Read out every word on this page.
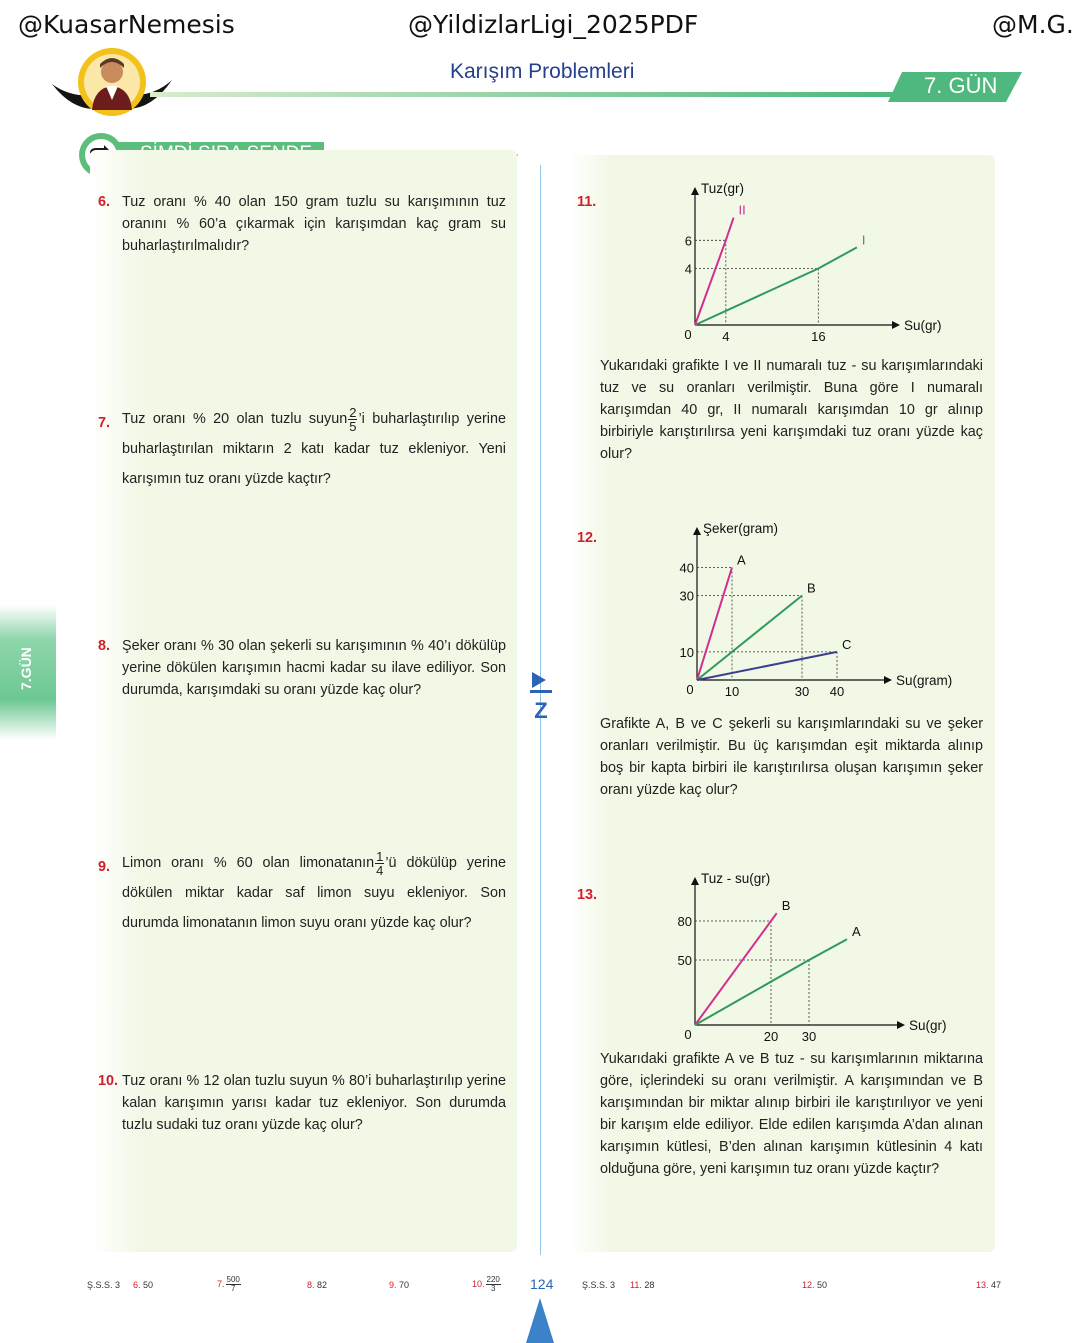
@KuasarNemesis	@YildizlarLigi_2025PDF	@M.G.
Karışım Problemleri
7. GÜN
7.GÜN
Z
6. Tuz oranı % 40 olan 150 gram tuzlu su karışımının tuz oranını % 60’a çıkarmak için karışımdan kaç gram su buharlaştırılmalıdır?
7. Tuz oranı % 20 olan tuzlu suyun $\frac{2}{5}$ ’i buharlaştırılıp yerine buharlaştırılan miktarın 2 katı kadar tuz ekleniyor. Yeni karışımın tuz oranı yüzde kaçtır?
8. Şeker oranı % 30 olan şekerli su karışımının % 40’ı dökülüp yerine dökülen karışımın hacmi kadar su ilave ediliyor. Son durumda, karışımdaki su oranı yüzde kaç olur?
9. Limon oranı % 60 olan limonatanın $\frac{1}{4}$ ’ü dökülüp yerine dökülen miktar kadar saf limon suyu ekleniyor. Son durumda limonatanın limon suyu oranı yüzde kaç olur?
10. Tuz oranı % 12 olan tuzlu suyun % 80’i buharlaştırılıp yerine kalan karışımın yarısı kadar tuz ekleniyor. Son durumda tuzlu sudaki tuz oranı yüzde kaç olur?
11.
I
II
4	16
4
6
0
Su(gr)
Tuz(gr)
Yukarıdaki grafikte I ve II numaralı tuz - su karışımlarındaki tuz ve su oranları verilmiştir. Buna göre I numaralı karışımdan 40 gr, II numaralı karışımdan 10 gr alınıp birbiriyle karıştırılırsa yeni karışımdaki tuz oranı yüzde kaç olur?
12.
A
B
C
10	30 40
10
30
40
0
Su(gram)
Şeker(gram)
Grafikte A, B ve C şekerli su karışımlarındaki su ve şeker oranları verilmiştir. Bu üç karışımdan eşit miktarda alınıp boş bir kapta birbiri ile karıştırılırsa oluşan karışımın şeker oranı yüzde kaç olur?
13.
B
A
20 30
50
80
0
Su(gr)
Tuz - su(gr)
Yukarıdaki grafikte A ve B tuz - su karışımlarının miktarına göre, içlerindeki su oranı verilmiştir. A karışımından ve B karışımından bir miktar alınıp birbiri ile karıştırılıyor ve yeni bir karışım elde ediliyor. Elde edilen karışımda A’dan alınan karışımın kütlesi, B’den alınan karışımın kütlesinin 4 katı olduğuna göre, yeni karışımın tuz oranı yüzde kaçtır?
Ş.S.S. 3 6. 50	7. $\frac{500}{7}$	8. 82	9. 70	10. $\frac{220}{3} 124$	Ş.S.S. 3 11. 28	12. 50	13. 47
